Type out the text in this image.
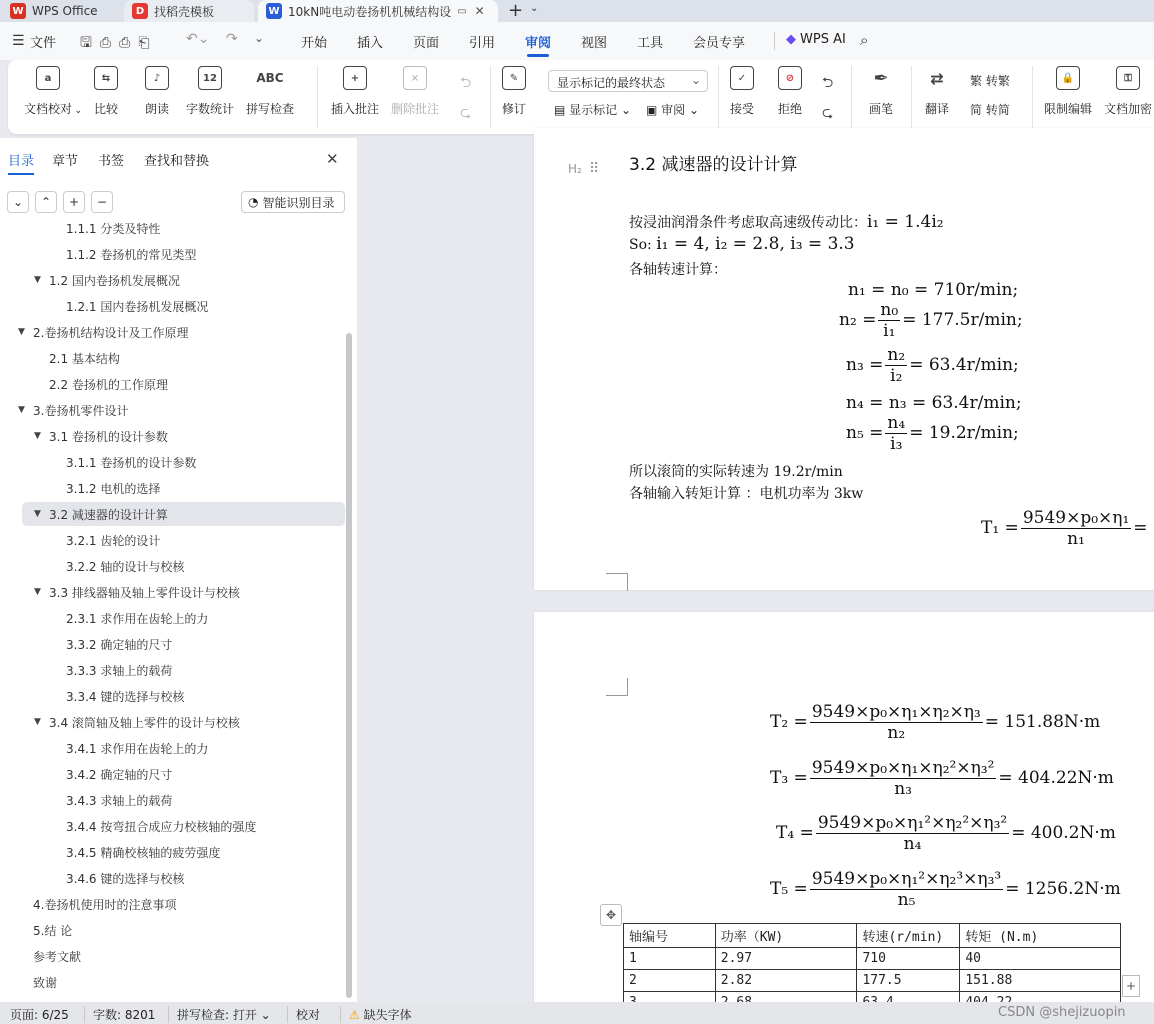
W WPS Office	D 找稻壳模板	W 10kN吨电动卷扬机机械结构设 ▭ ✕ + ⌄
☰ 文件 🖫⎙⎙⎗ ↶⌄ ↷ ⌄	开始 插入 页面 引用 审阅 视图 工具 会员专享	◆ WPS AI ⌕
a
文档校对 ⌄
⇆
比较
♪
朗读
12
字数统计
ABC
拼写检查
+
插入批注
×
删除批注
⮌
⮎
✎
修订
显示标记的最终状态 ⌄
▤ 显示标记 ⌄ ▣ 审阅 ⌄
✓
接受
⊘
拒绝
⮌
⮎
✒
画笔
⇄
翻译
繁 转繁
简 转简
🔒
限制编辑
⚿
文档加密
目录 章节 书签 查找和替换	✕
⌄ ⌃ + −	◔ 智能识别目录
1.1.1 分类及特性
1.1.2 卷扬机的常见类型
▼ 1.2 国内卷扬机发展概况
1.2.1 国内卷扬机发展概况
▼ 2.卷扬机结构设计及工作原理
2.1 基本结构
2.2 卷扬机的工作原理
▼ 3.卷扬机零件设计
▼ 3.1 卷扬机的设计参数
3.1.1 卷扬机的设计参数
3.1.2 电机的选择
▼ 3.2 减速器的设计计算
3.2.1 齿轮的设计
3.2.2 轴的设计与校核
▼ 3.3 排线器轴及轴上零件设计与校核
2.3.1 求作用在齿轮上的力
3.3.2 确定轴的尺寸
3.3.3 求轴上的载荷
3.3.4 键的选择与校核
▼ 3.4 滚筒轴及轴上零件的设计与校核
3.4.1 求作用在齿轮上的力
3.4.2 确定轴的尺寸
3.4.3 求轴上的载荷
3.4.4 按弯扭合成应力校核轴的强度
3.4.5 精确校核轴的疲劳强度
3.4.6 键的选择与校核
4.卷扬机使用时的注意事项
5.结 论
参考文献
致谢
H₂ ⠿ 3.2 减速器的设计计算
按浸油润滑条件考虑取高速级传动比：i₁ = 1.4i₂
So: i₁ = 4, i₂ = 2.8, i₃ = 3.3
各轴转速计算：
n₁ = n₀ = 710r/min;
$n_2 = \frac{\text{n₀}}{\text{i₁}} = 177.5r/\min$;
$n_3 = \frac{\text{n₂}}{\text{i₂}} = 63.4r/\min$;
n₄ = n₃ = 63.4r/min;
$n_5 = \frac{\text{n₄}}{\text{i₃}} = 19.2r/\min$;
所以滚筒的实际转速为 19.2r/min
各轴输入转矩计算 ：电机功率为 3kw
$T_1 = \frac{\text{9549×p₀×η₁}}{\text{n₁}}$ =
$T_2 = \frac{\text{9549×p₀×η₁×η₂×η₃}}{\text{n₂}} = 151.88N\cdot m$
$T_3 = \frac{\text{9549×p₀×η₁×η₂²×η₃²}}{\text{n₃}} = 404.22N\cdot m$
$T_4 = \frac{\text{9549×p₀×η₁²×η₂²×η₃²}}{\text{n₄}} = 400.2N\cdot m$
$T_5 = \frac{\text{9549×p₀×η₁²×η₂³×η₃³}}{\text{n₅}} = 1256.2N\cdot m$
✥
轴编号	功率（KW)	转速(r/min)	转矩 (N.m)
1	2.97	710	40
2	2.82	177.5	151.88
				+
页面: 6/25	字数: 8201	拼写检查: 打开 ⌄	校对	⚠ 缺失字体	CSDN @shejizuopin
